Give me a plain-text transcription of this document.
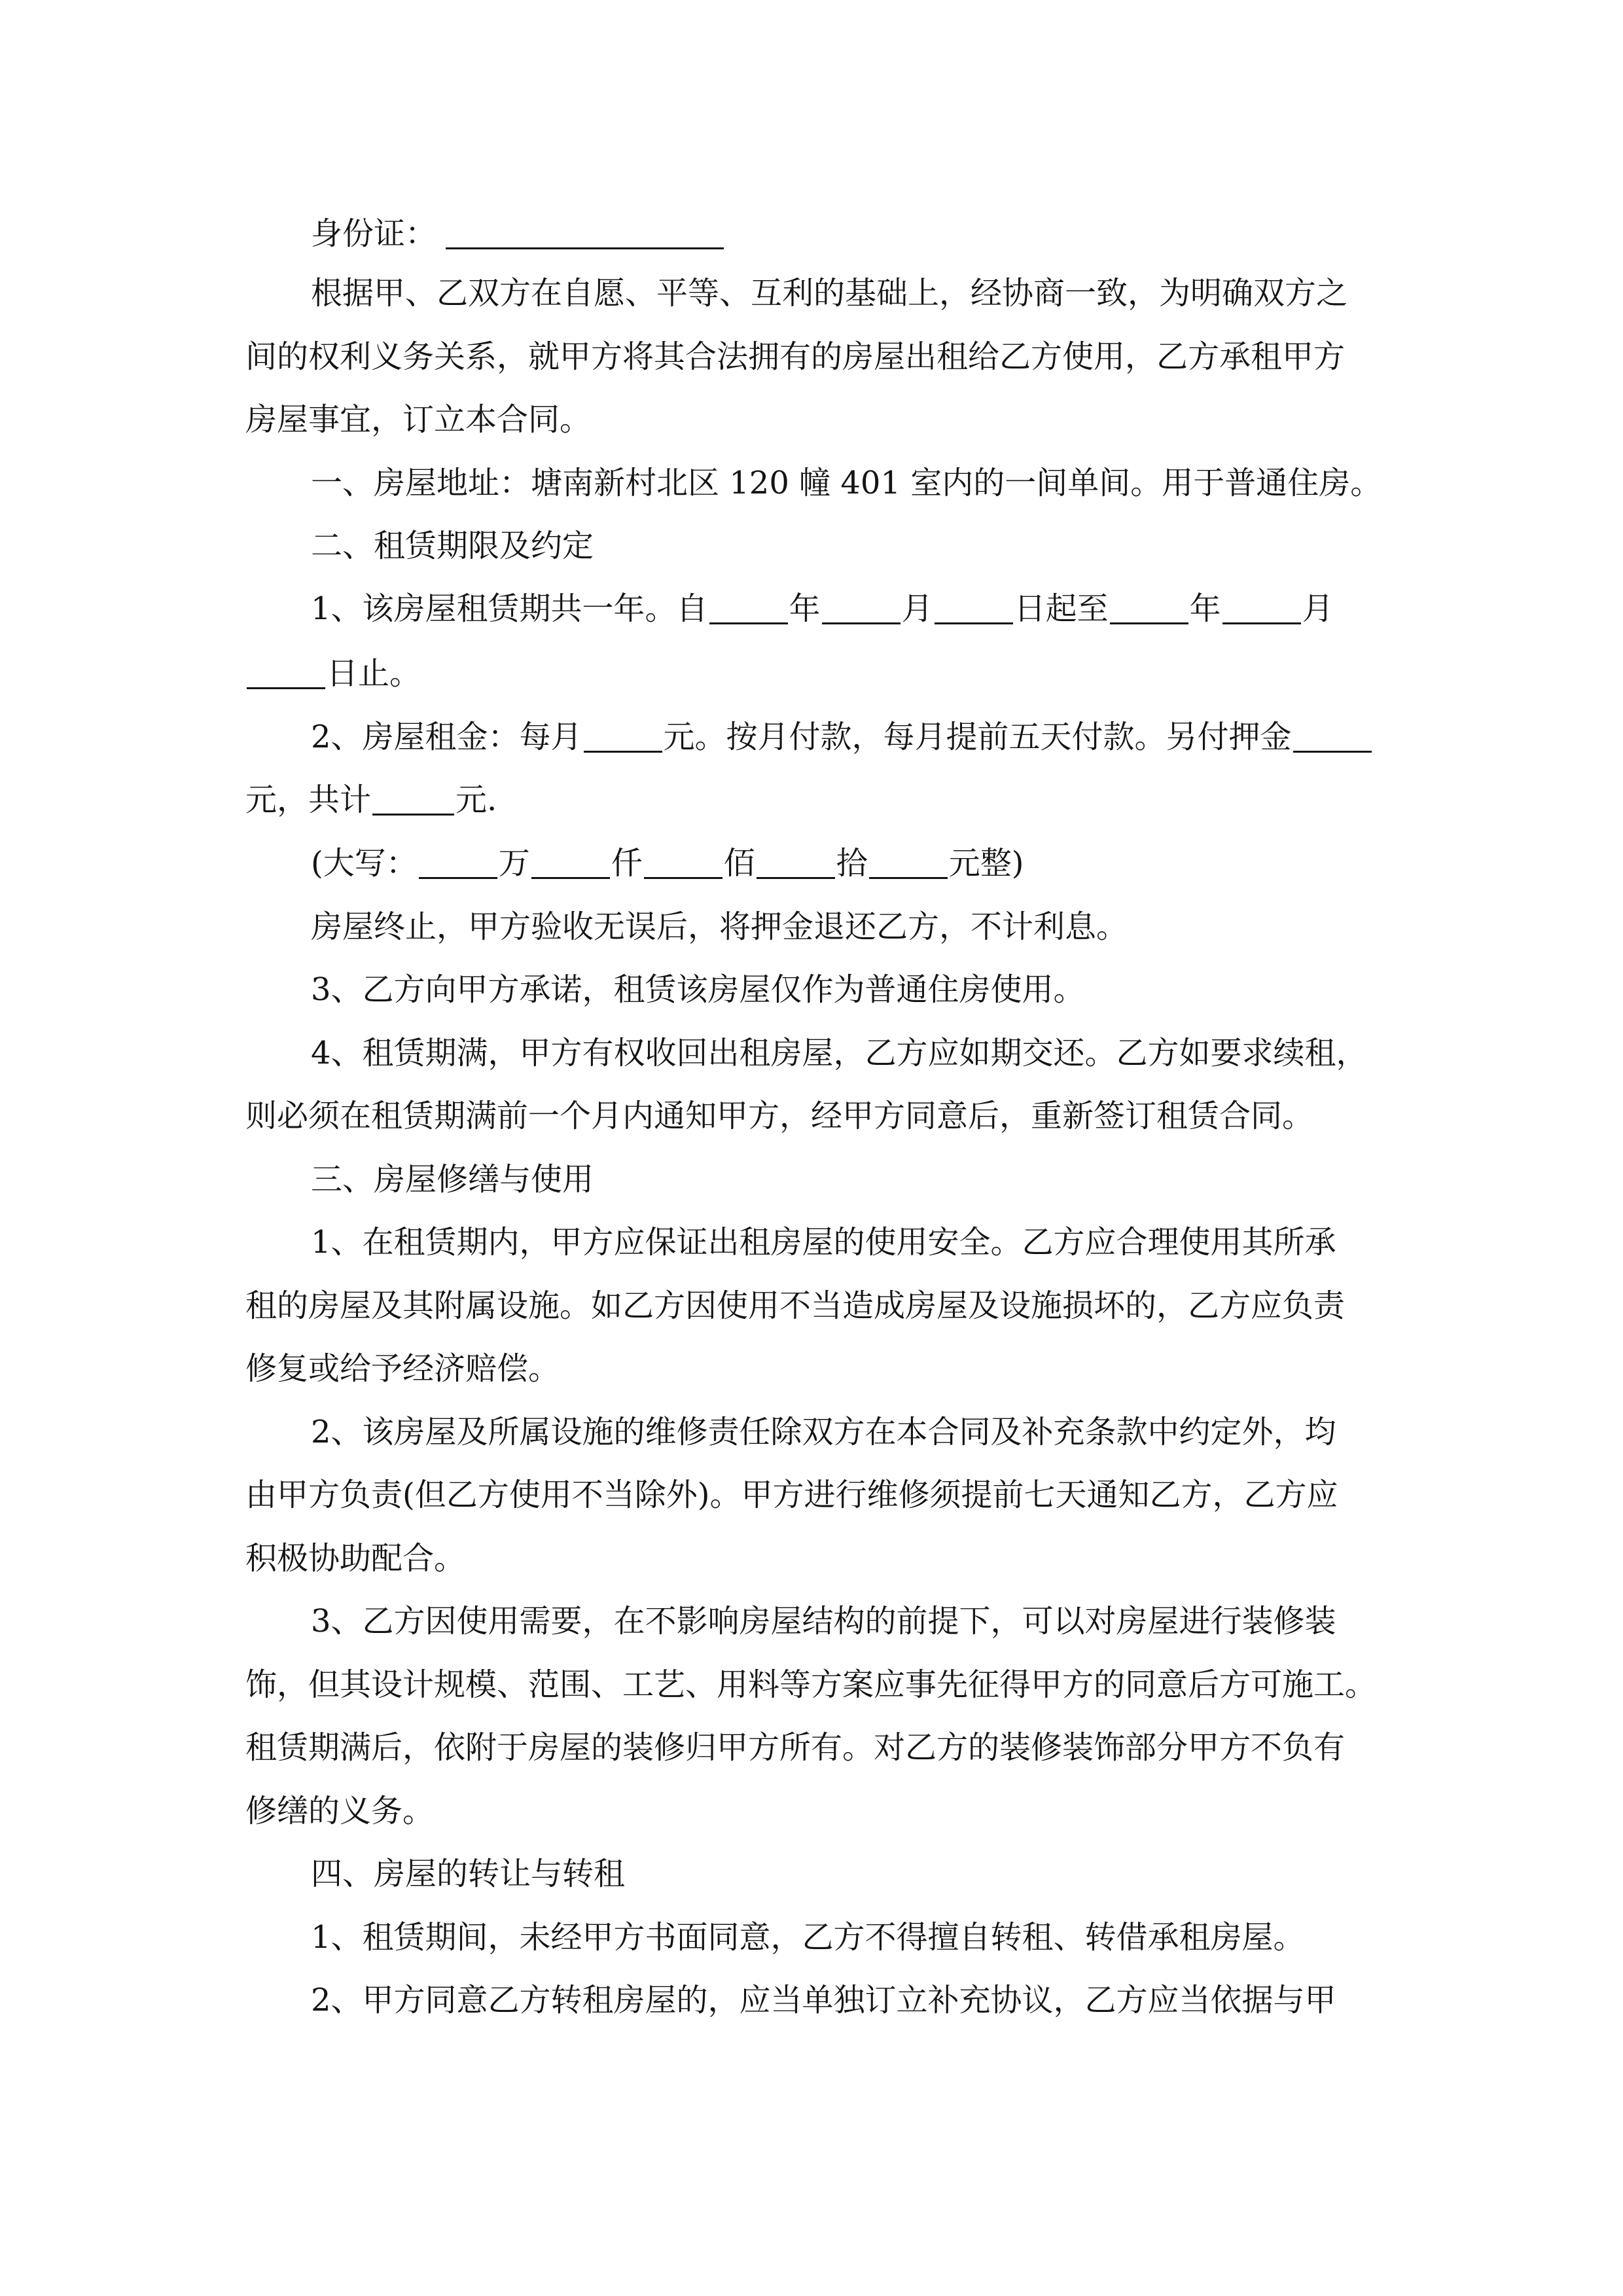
身份证：
根据甲、乙双方在自愿、平等、互利的基础上，经协商一致，为明确双方之
间的权利义务关系，就甲方将其合法拥有的房屋出租给乙方使用，乙方承租甲方
房屋事宜，订立本合同。
一、房屋地址：塘南新村北区 120 幢 401 室内的一间单间。用于普通住房。
二、租赁期限及约定
1、该房屋租赁期共一年。自	年	月	日起至	年	月
日止。
2、房屋租金：每月	元。按月付款，每月提前五天付款。另付押金
元，共计	元.
(大写：	万	仟	佰	拾	元整)
房屋终止，甲方验收无误后，将押金退还乙方，不计利息。
3、乙方向甲方承诺，租赁该房屋仅作为普通住房使用。
4、租赁期满，甲方有权收回出租房屋，乙方应如期交还。乙方如要求续租，
则必须在租赁期满前一个月内通知甲方，经甲方同意后，重新签订租赁合同。
三、房屋修缮与使用
1、在租赁期内，甲方应保证出租房屋的使用安全。乙方应合理使用其所承
租的房屋及其附属设施。如乙方因使用不当造成房屋及设施损坏的，乙方应负责
修复或给予经济赔偿。
2、该房屋及所属设施的维修责任除双方在本合同及补充条款中约定外，均
由甲方负责(但乙方使用不当除外)。甲方进行维修须提前七天通知乙方，乙方应
积极协助配合。
3、乙方因使用需要，在不影响房屋结构的前提下，可以对房屋进行装修装
饰，但其设计规模、范围、工艺、用料等方案应事先征得甲方的同意后方可施工。
租赁期满后，依附于房屋的装修归甲方所有。对乙方的装修装饰部分甲方不负有
修缮的义务。
四、房屋的转让与转租
1、租赁期间，未经甲方书面同意，乙方不得擅自转租、转借承租房屋。
2、甲方同意乙方转租房屋的，应当单独订立补充协议，乙方应当依据与甲
